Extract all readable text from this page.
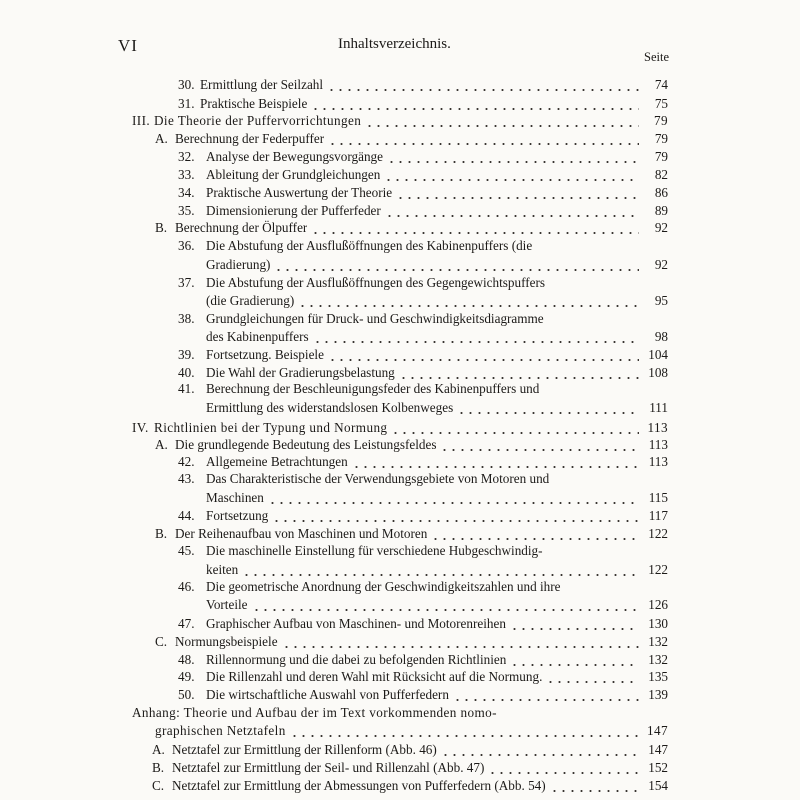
VI	Inhaltsverzeichnis.
Seite
30. Ermittlung der Seilzahl	74
31. Praktische Beispiele	75
III. Die Theorie der Puffervorrichtungen	79
A. Berechnung der Federpuffer	79
32. Analyse der Bewegungsvorgänge	79
33. Ableitung der Grundgleichungen	82
34. Praktische Auswertung der Theorie	86
35. Dimensionierung der Pufferfeder	89
B. Berechnung der Ölpuffer	92
36. Die Abstufung der Ausflußöffnungen des Kabinenpuffers (die
Gradierung)	92
37. Die Abstufung der Ausflußöffnungen des Gegengewichtspuffers
(die Gradierung)	95
38. Grundgleichungen für Druck- und Geschwindigkeitsdiagramme
des Kabinenpuffers	98
39. Fortsetzung. Beispiele	104
40. Die Wahl der Gradierungsbelastung	108
41. Berechnung der Beschleunigungsfeder des Kabinenpuffers und
Ermittlung des widerstandslosen Kolbenweges	111
IV. Richtlinien bei der Typung und Normung	113
A. Die grundlegende Bedeutung des Leistungsfeldes	113
42. Allgemeine Betrachtungen	113
43. Das Charakteristische der Verwendungsgebiete von Motoren und
Maschinen	115
44. Fortsetzung	117
B. Der Reihenaufbau von Maschinen und Motoren	122
45. Die maschinelle Einstellung für verschiedene Hubgeschwindig-
keiten	122
46. Die geometrische Anordnung der Geschwindigkeitszahlen und ihre
Vorteile	126
47. Graphischer Aufbau von Maschinen- und Motorenreihen	130
C. Normungsbeispiele	132
48. Rillennormung und die dabei zu befolgenden Richtlinien	132
49. Die Rillenzahl und deren Wahl mit Rücksicht auf die Normung.	135
50. Die wirtschaftliche Auswahl von Pufferfedern	139
Anhang: Theorie und Aufbau der im Text vorkommenden nomo-
graphischen Netztafeln	147
A. Netztafel zur Ermittlung der Rillenform (Abb. 46)	147
B. Netztafel zur Ermittlung der Seil- und Rillenzahl (Abb. 47)	152
C. Netztafel zur Ermittlung der Abmessungen von Pufferfedern (Abb. 54)	154
